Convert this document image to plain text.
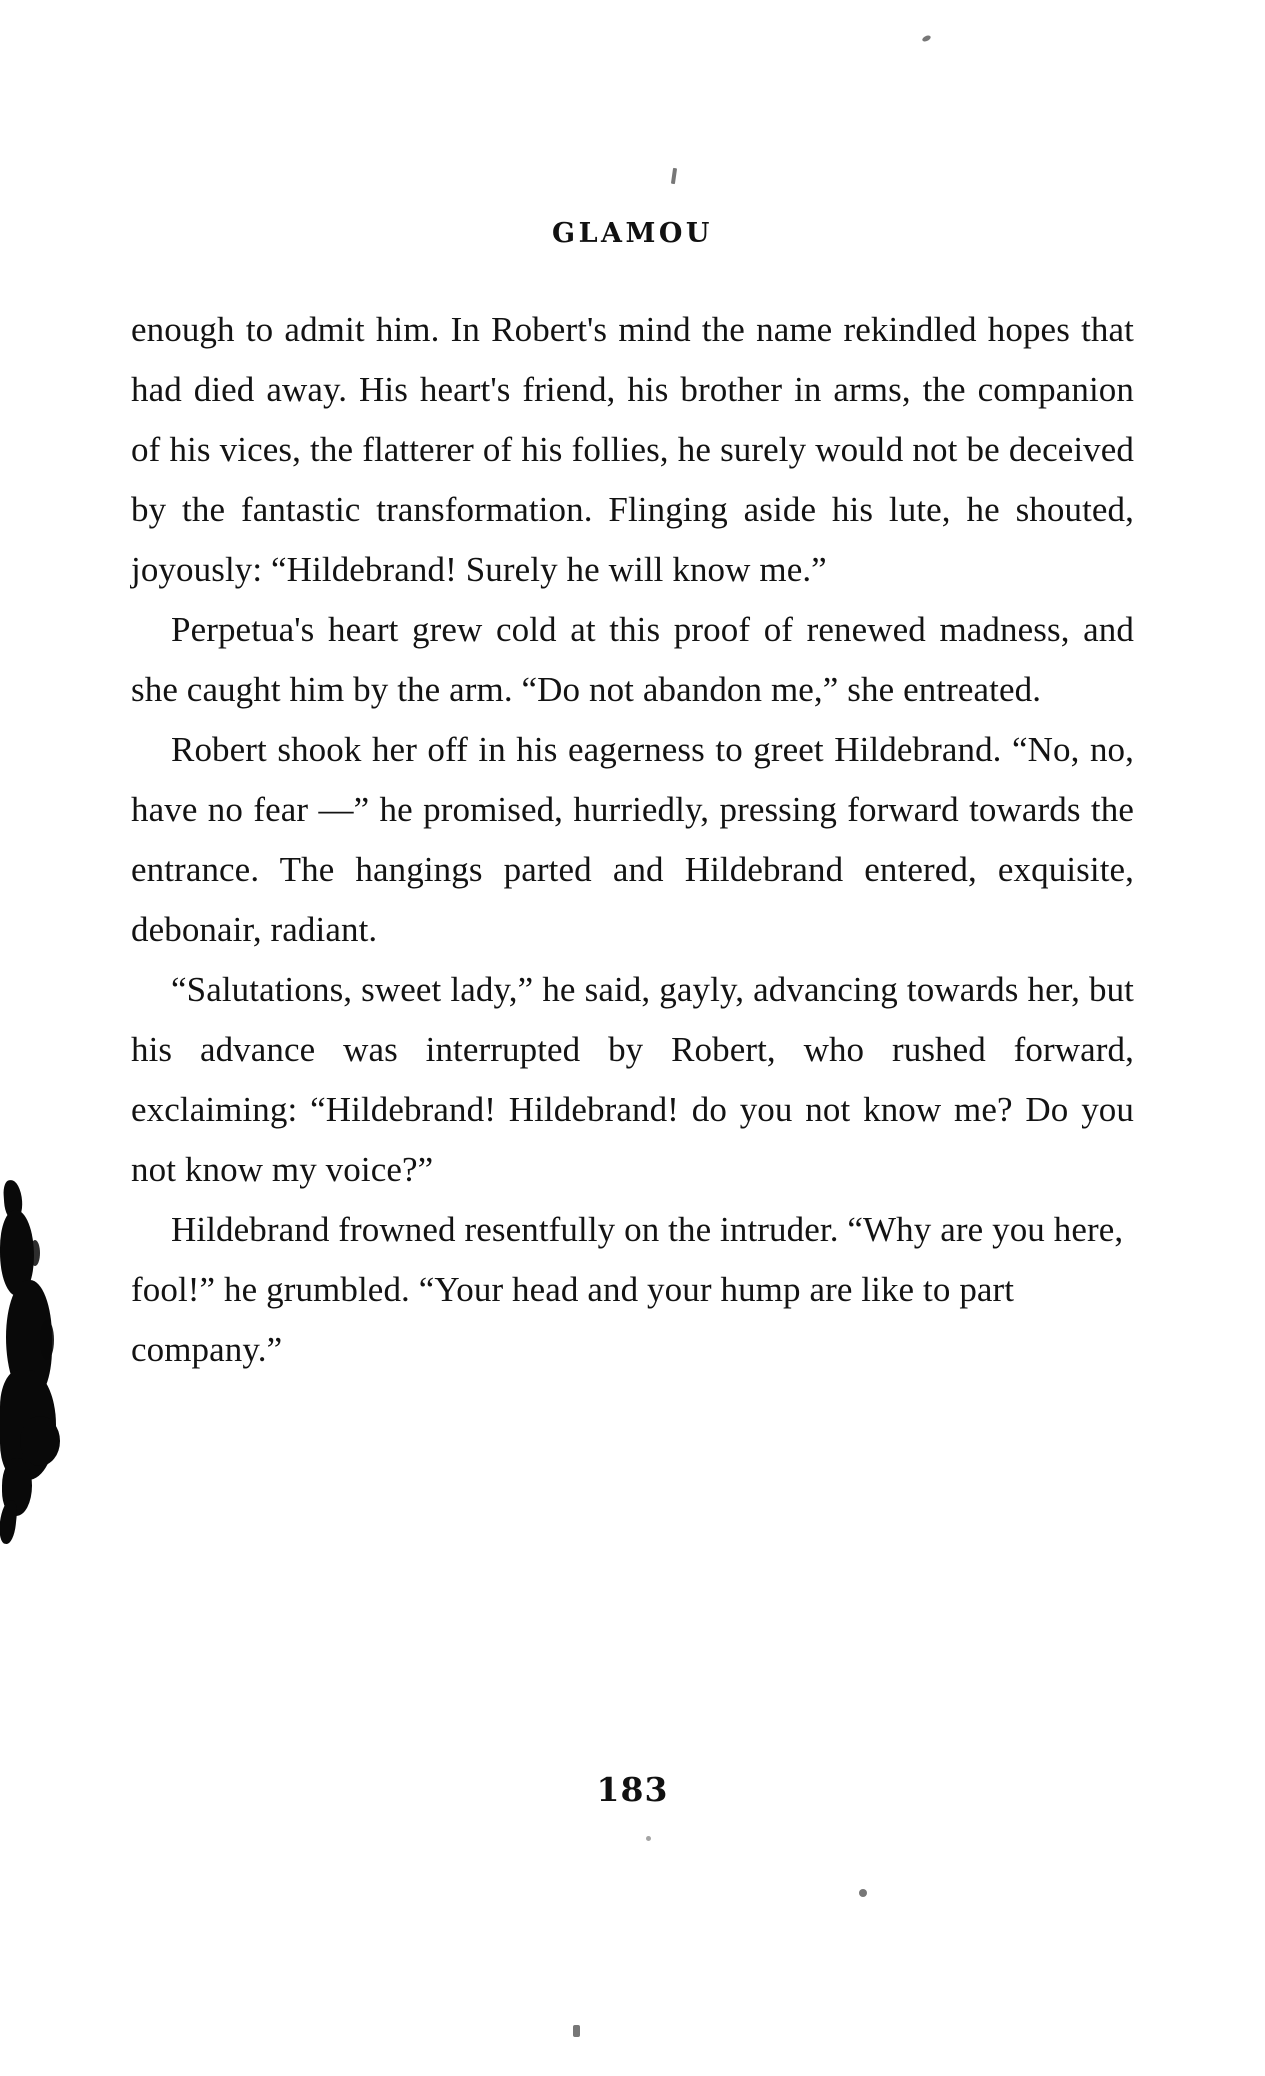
GLAMOU

enough to admit him. In Robert's mind the name rekindled hopes that had died away. His heart's friend, his brother in arms, the companion of his vices, the flatterer of his follies, he surely would not be deceived by the fantastic transformation. Flinging aside his lute, he shouted, joyously: “Hildebrand! Surely he will know me.”

Perpetua's heart grew cold at this proof of renewed madness, and she caught him by the arm. “Do not abandon me,” she entreated.

Robert shook her off in his eagerness to greet Hildebrand. “No, no, have no fear —” he promised, hurriedly, pressing forward towards the entrance. The hangings parted and Hildebrand entered, exquisite, debonair, radiant.

“Salutations, sweet lady,” he said, gayly, advancing towards her, but his advance was interrupted by Robert, who rushed forward, exclaiming: “Hildebrand! Hildebrand! do you not know me? Do you not know my voice?”

Hildebrand frowned resentfully on the intruder. “Why are you here, fool!” he grumbled. “Your head and your hump are like to part company.”

183
